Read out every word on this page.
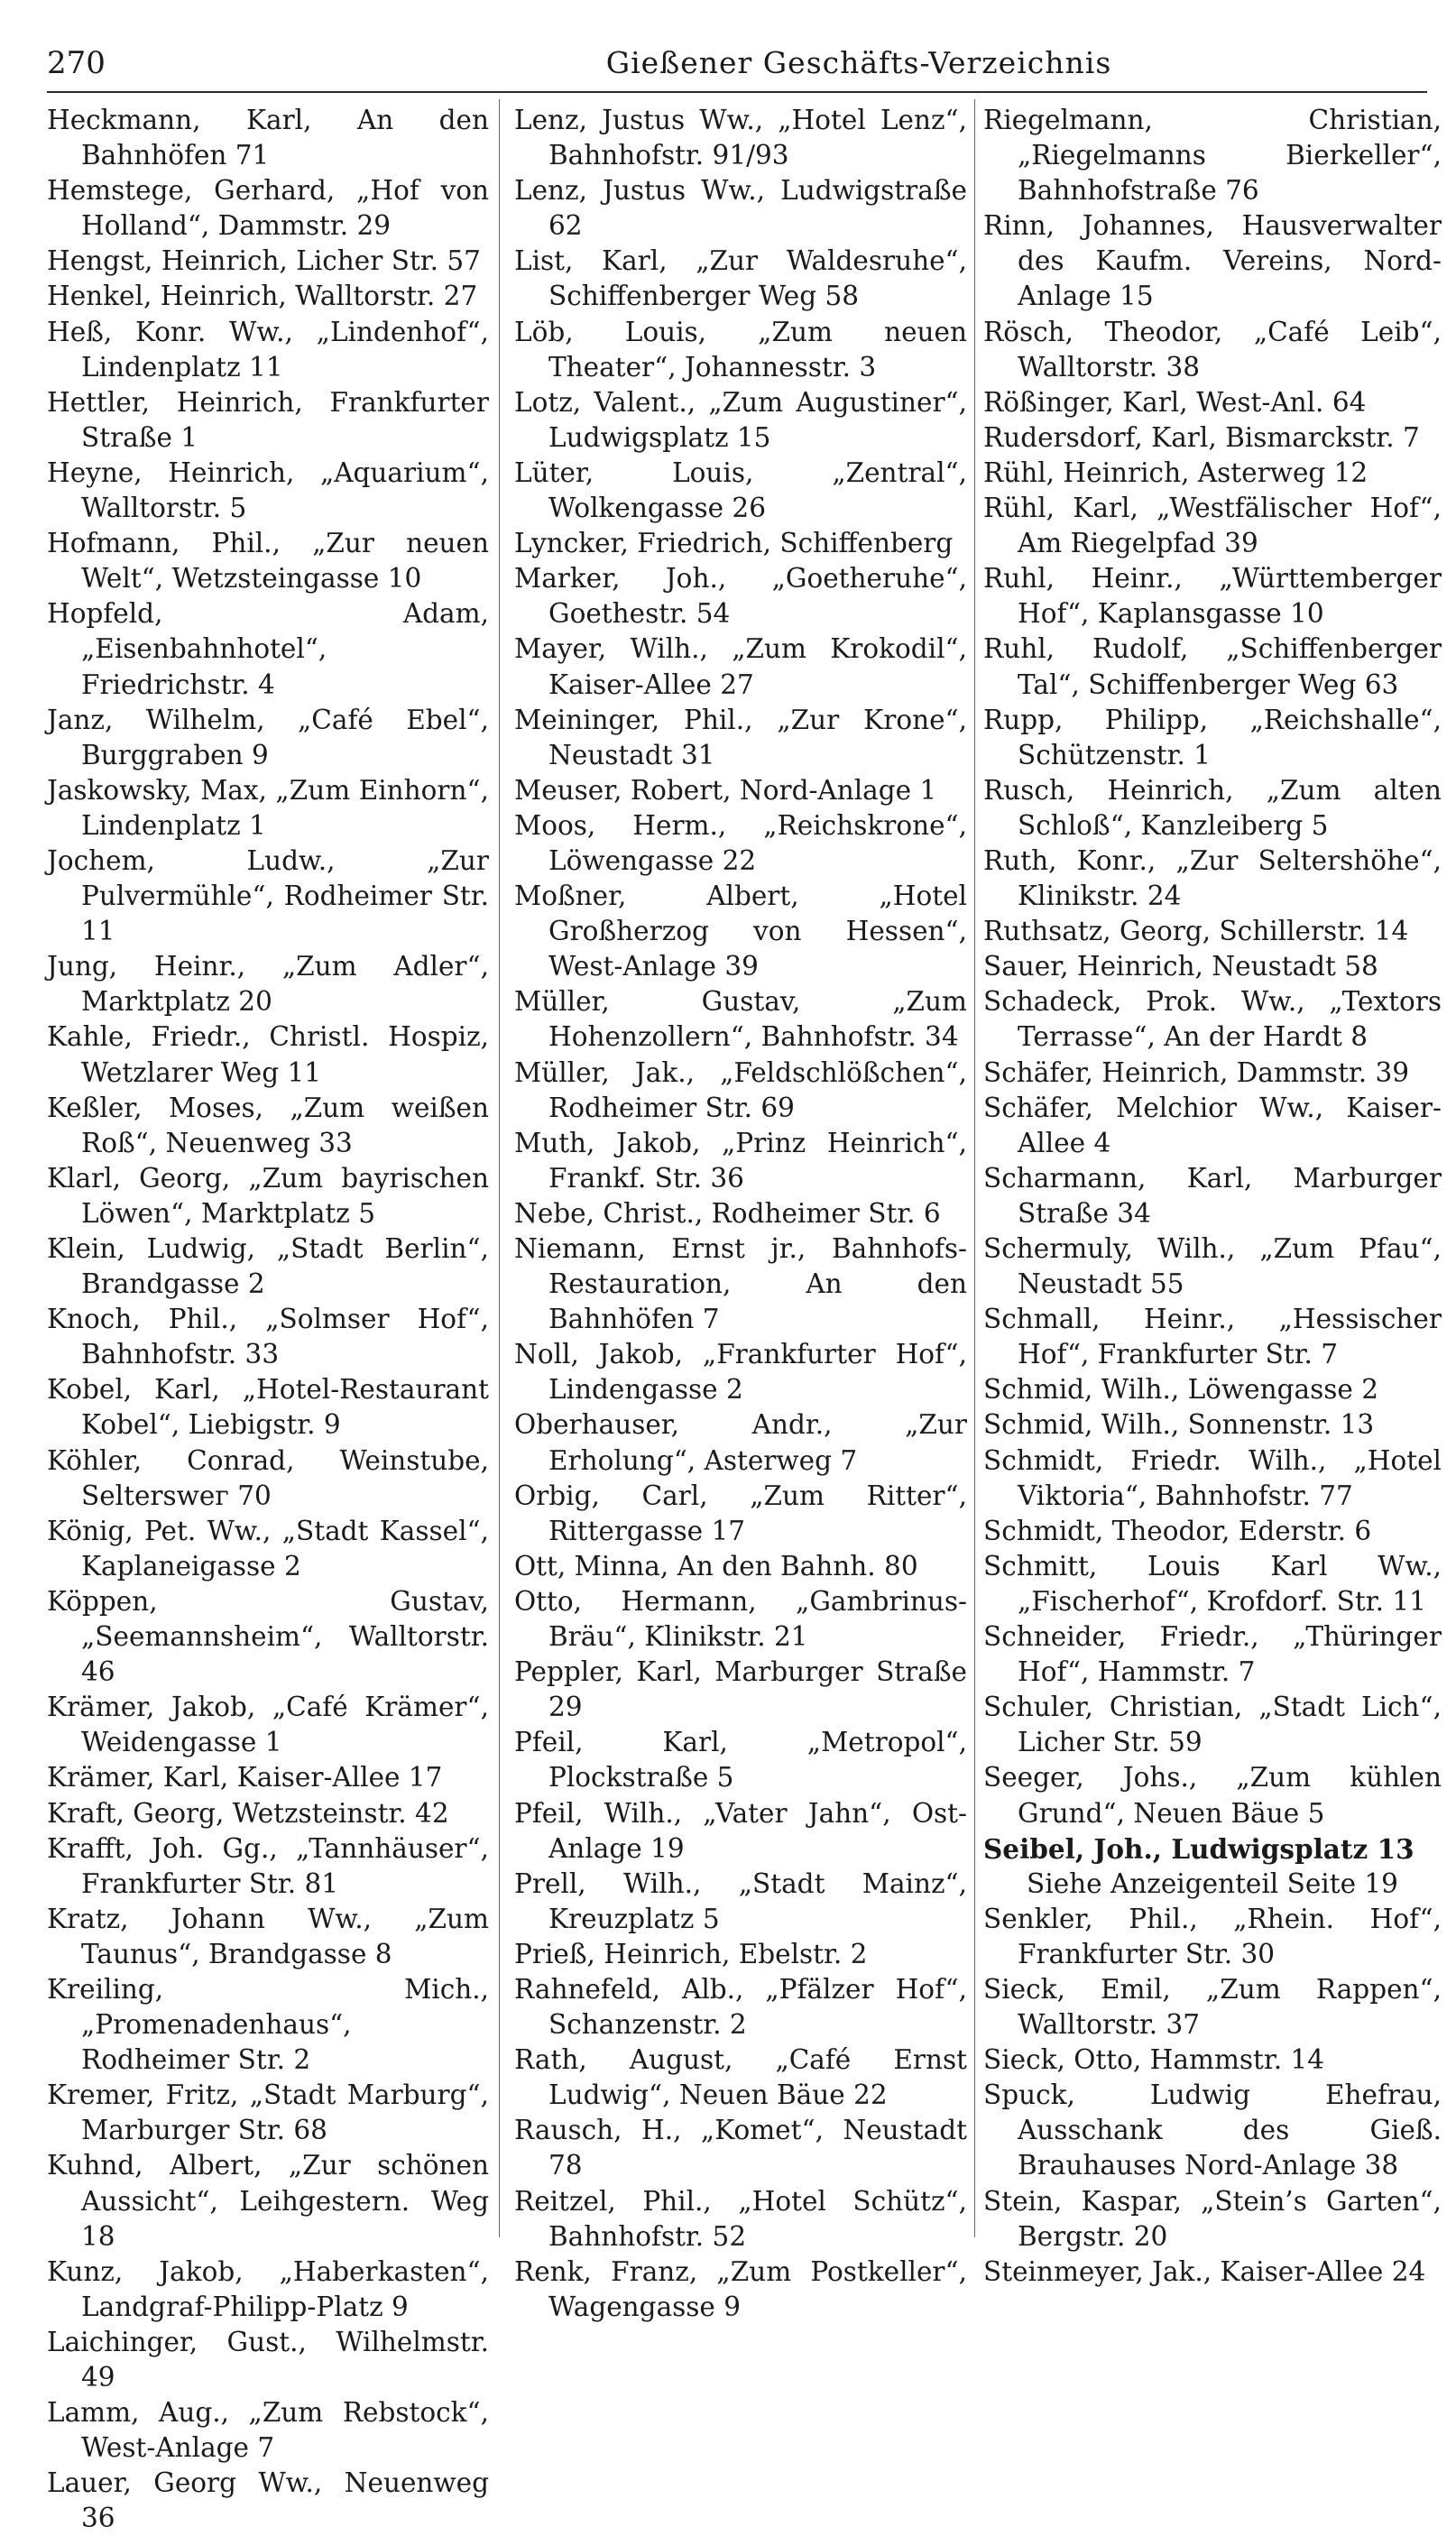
270	Gießener Geschäfts-Verzeichnis

Heckmann, Karl, An den Bahnhöfen 71

Hemstege, Gerhard, „Hof von Holland“, Dammstr. 29

Hengst, Heinrich, Licher Str. 57

Henkel, Heinrich, Walltorstr. 27

Heß, Konr. Ww., „Lindenhof“, Lindenplatz 11

Hettler, Heinrich, Frankfurter Straße 1

Heyne, Heinrich, „Aquarium“, Walltorstr. 5

Hofmann, Phil., „Zur neuen Welt“, Wetzsteingasse 10

Hopfeld, Adam, „Eisenbahnhotel“, Friedrichstr. 4

Janz, Wilhelm, „Café Ebel“, Burggraben 9

Jaskowsky, Max, „Zum Einhorn“, Lindenplatz 1

Jochem, Ludw., „Zur Pulvermühle“, Rodheimer Str. 11

Jung, Heinr., „Zum Adler“, Marktplatz 20

Kahle, Friedr., Christl. Hospiz, Wetzlarer Weg 11

Keßler, Moses, „Zum weißen Roß“, Neuenweg 33

Klarl, Georg, „Zum bayrischen Löwen“, Marktplatz 5

Klein, Ludwig, „Stadt Berlin“, Brandgasse 2

Knoch, Phil., „Solmser Hof“, Bahnhofstr. 33

Kobel, Karl, „Hotel-Restaurant Kobel“, Liebigstr. 9

Köhler, Conrad, Weinstube, Selterswег 70

König, Pet. Ww., „Stadt Kassel“, Kaplaneigasse 2

Köppen, Gustav, „Seemannsheim“, Walltorstr. 46

Krämer, Jakob, „Café Krämer“, Weidengasse 1

Krämer, Karl, Kaiser-Allee 17

Kraft, Georg, Wetzsteinstr. 42

Krafft, Joh. Gg., „Tannhäuser“, Frankfurter Str. 81

Kratz, Johann Ww., „Zum Taunus“, Brandgasse 8

Kreiling, Mich., „Promenadenhaus“, Rodheimer Str. 2

Kremer, Fritz, „Stadt Marburg“, Marburger Str. 68

Kuhnd, Albert, „Zur schönen Aussicht“, Leihgestern. Weg 18

Kunz, Jakob, „Haberkasten“, Landgraf-Philipp-Platz 9

Laichinger, Gust., Wilhelmstr. 49

Lamm, Aug., „Zum Rebstock“, West-Anlage 7

Lauer, Georg Ww., Neuenweg 36

Lenz, Justus Ww., „Hotel Lenz“, Bahnhofstr. 91/93

Lenz, Justus Ww., Ludwigstraße 62

List, Karl, „Zur Waldesruhe“, Schiffenberger Weg 58

Löb, Louis, „Zum neuen Theater“, Johannesstr. 3

Lotz, Valent., „Zum Augustiner“, Ludwigsplatz 15

Lüter, Louis, „Zentral“, Wolkengasse 26

Lyncker, Friedrich, Schiffenberg

Marker, Joh., „Goetheruhe“, Goethestr. 54

Mayer, Wilh., „Zum Krokodil“, Kaiser-Allee 27

Meininger, Phil., „Zur Krone“, Neustadt 31

Meuser, Robert, Nord-Anlage 1

Moos, Herm., „Reichskrone“, Löwengasse 22

Moßner, Albert, „Hotel Großherzog von Hessen“, West-Anlage 39

Müller, Gustav, „Zum Hohenzollern“, Bahnhofstr. 34

Müller, Jak., „Feldschlößchen“, Rodheimer Str. 69

Muth, Jakob, „Prinz Heinrich“, Frankf. Str. 36

Nebe, Christ., Rodheimer Str. 6

Niemann, Ernst jr., Bahnhofs-Restauration, An den Bahnhöfen 7

Noll, Jakob, „Frankfurter Hof“, Lindengasse 2

Oberhauser, Andr., „Zur Erholung“, Asterweg 7

Orbig, Carl, „Zum Ritter“, Rittergasse 17

Ott, Minna, An den Bahnh. 80

Otto, Hermann, „Gambrinus-Bräu“, Klinikstr. 21

Peppler, Karl, Marburger Straße 29

Pfeil, Karl, „Metropol“, Plockstraße 5

Pfeil, Wilh., „Vater Jahn“, Ost-Anlage 19

Prell, Wilh., „Stadt Mainz“, Kreuzplatz 5

Prieß, Heinrich, Ebelstr. 2

Rahnefeld, Alb., „Pfälzer Hof“, Schanzenstr. 2

Rath, August, „Café Ernst Ludwig“, Neuen Bäue 22

Rausch, H., „Komet“, Neustadt 78

Reitzel, Phil., „Hotel Schütz“, Bahnhofstr. 52

Renk, Franz, „Zum Postkeller“, Wagengasse 9

Riegelmann, Christian, „Riegelmanns Bierkeller“, Bahnhofstraße 76

Rinn, Johannes, Hausverwalter des Kaufm. Vereins, Nord-Anlage 15

Rösch, Theodor, „Café Leib“, Walltorstr. 38

Rößinger, Karl, West-Anl. 64

Rudersdorf, Karl, Bismarckstr. 7

Rühl, Heinrich, Asterweg 12

Rühl, Karl, „Westfälischer Hof“, Am Riegelpfad 39

Ruhl, Heinr., „Württemberger Hof“, Kaplansgasse 10

Ruhl, Rudolf, „Schiffenberger Tal“, Schiffenberger Weg 63

Rupp, Philipp, „Reichshalle“, Schützenstr. 1

Rusch, Heinrich, „Zum alten Schloß“, Kanzleiberg 5

Ruth, Konr., „Zur Seltershöhe“, Klinikstr. 24

Ruthsatz, Georg, Schillerstr. 14

Sauer, Heinrich, Neustadt 58

Schadeck, Prok. Ww., „Textors Terrasse“, An der Hardt 8

Schäfer, Heinrich, Dammstr. 39

Schäfer, Melchior Ww., Kaiser-Allee 4

Scharmann, Karl, Marburger Straße 34

Schermuly, Wilh., „Zum Pfau“, Neustadt 55

Schmall, Heinr., „Hessischer Hof“, Frankfurter Str. 7

Schmid, Wilh., Löwengasse 2

Schmid, Wilh., Sonnenstr. 13

Schmidt, Friedr. Wilh., „Hotel Viktoria“, Bahnhofstr. 77

Schmidt, Theodor, Ederstr. 6

Schmitt, Louis Karl Ww., „Fischerhof“, Krofdorf. Str. 11

Schneider, Friedr., „Thüringer Hof“, Hammstr. 7

Schuler, Christian, „Stadt Lich“, Licher Str. 59

Seeger, Johs., „Zum kühlen Grund“, Neuen Bäue 5

Seibel, Joh., Ludwigsplatz 13

Siehe Anzeigenteil Seite 19

Senkler, Phil., „Rhein. Hof“, Frankfurter Str. 30

Sieck, Emil, „Zum Rappen“, Walltorstr. 37

Sieck, Otto, Hammstr. 14

Spuck, Ludwig Ehefrau, Ausschank des Gieß. Brauhauses Nord-Anlage 38

Stein, Kaspar, „Stein’s Garten“, Bergstr. 20

Steinmeyer, Jak., Kaiser-Allee 24
